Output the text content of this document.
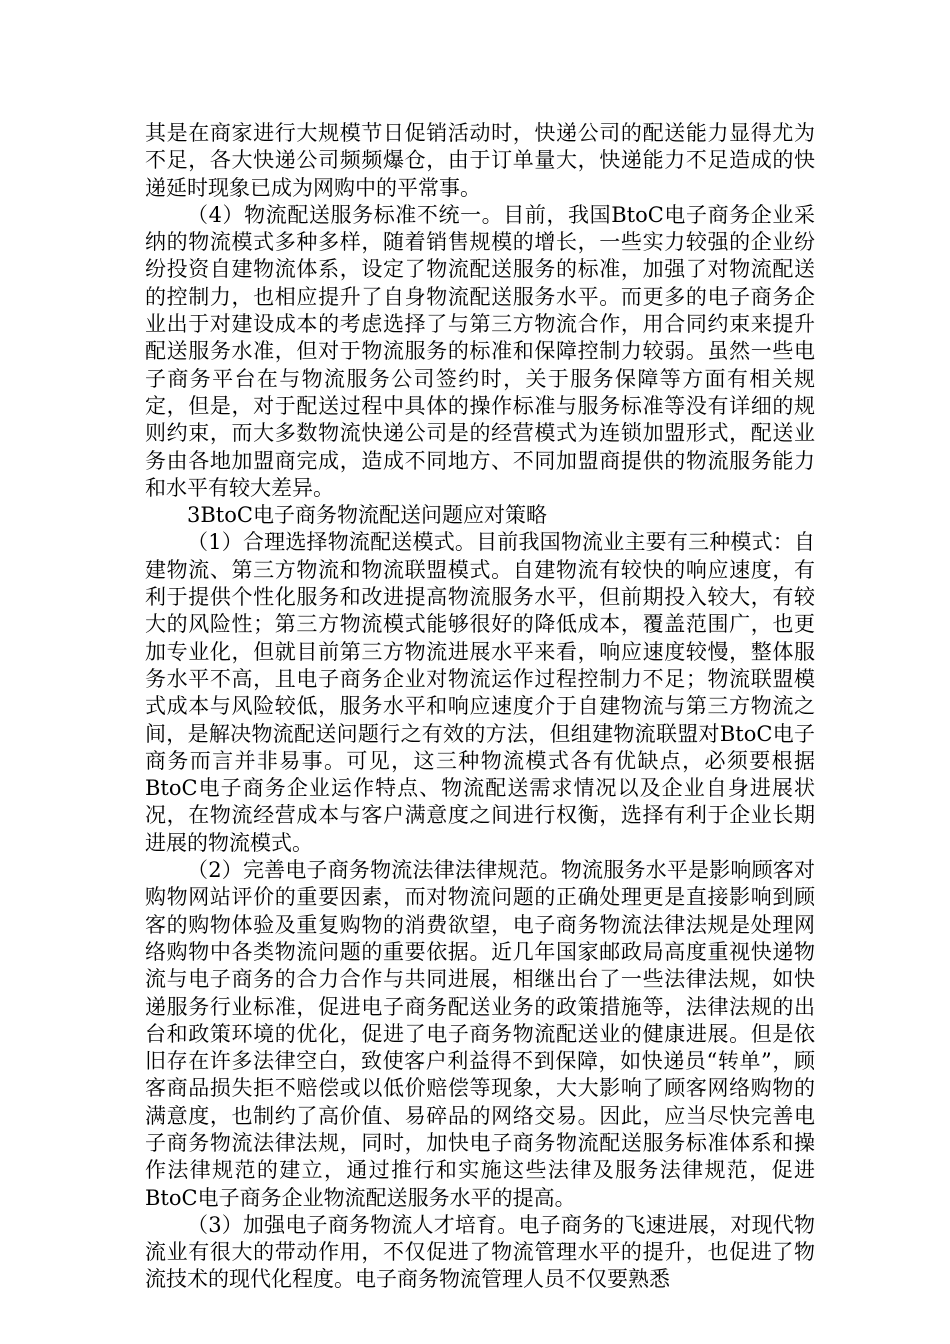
其是在商家进行大规模节日促销活动时，快递公司的配送能力显得尤为不足，各大快递公司频频爆仓，由于订单量大，快递能力不足造成的快递延时现象已成为网购中的平常事。

（4）物流配送服务标准不统一。目前，我国BtoC电子商务企业采纳的物流模式多种多样，随着销售规模的增长，一些实力较强的企业纷纷投资自建物流体系，设定了物流配送服务的标准，加强了对物流配送的控制力，也相应提升了自身物流配送服务水平。而更多的电子商务企业出于对建设成本的考虑选择了与第三方物流合作，用合同约束来提升配送服务水准，但对于物流服务的标准和保障控制力较弱。虽然一些电子商务平台在与物流服务公司签约时，关于服务保障等方面有相关规定，但是，对于配送过程中具体的操作标准与服务标准等没有详细的规则约束，而大多数物流快递公司是的经营模式为连锁加盟形式，配送业务由各地加盟商完成，造成不同地方、不同加盟商提供的物流服务能力和水平有较大差异。

3BtoC电子商务物流配送问题应对策略

（1）合理选择物流配送模式。目前我国物流业主要有三种模式：自建物流、第三方物流和物流联盟模式。自建物流有较快的响应速度，有利于提供个性化服务和改进提高物流服务水平，但前期投入较大，有较大的风险性；第三方物流模式能够很好的降低成本，覆盖范围广，也更加专业化，但就目前第三方物流进展水平来看，响应速度较慢，整体服务水平不高，且电子商务企业对物流运作过程控制力不足；物流联盟模式成本与风险较低，服务水平和响应速度介于自建物流与第三方物流之间，是解决物流配送问题行之有效的方法，但组建物流联盟对BtoC电子商务而言并非易事。可见，这三种物流模式各有优缺点，必须要根据BtoC电子商务企业运作特点、物流配送需求情况以及企业自身进展状况，在物流经营成本与客户满意度之间进行权衡，选择有利于企业长期进展的物流模式。

（2）完善电子商务物流法律法律规范。物流服务水平是影响顾客对购物网站评价的重要因素，而对物流问题的正确处理更是直接影响到顾客的购物体验及重复购物的消费欲望，电子商务物流法律法规是处理网络购物中各类物流问题的重要依据。近几年国家邮政局高度重视快递物流与电子商务的合力合作与共同进展，相继出台了一些法律法规，如快递服务行业标准，促进电子商务配送业务的政策措施等，法律法规的出台和政策环境的优化，促进了电子商务物流配送业的健康进展。但是依旧存在许多法律空白，致使客户利益得不到保障，如快递员“转单”，顾客商品损失拒不赔偿或以低价赔偿等现象，大大影响了顾客网络购物的满意度，也制约了高价值、易碎品的网络交易。因此，应当尽快完善电子商务物流法律法规，同时，加快电子商务物流配送服务标准体系和操作法律规范的建立，通过推行和实施这些法律及服务法律规范，促进BtoC电子商务企业物流配送服务水平的提高。

（3）加强电子商务物流人才培育。电子商务的飞速进展，对现代物流业有很大的带动作用，不仅促进了物流管理水平的提升，也促进了物流技术的现代化程度。电子商务物流管理人员不仅要熟悉
